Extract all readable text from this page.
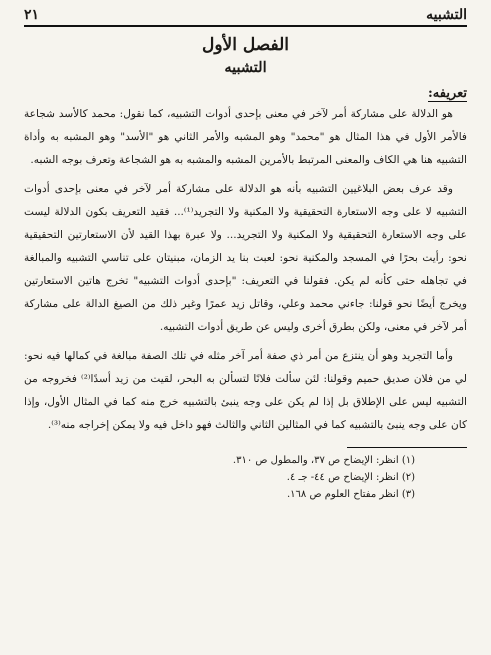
التشبيه
٢١
الفصل الأول
التشبيه
تعريفه:

هو الدلالة على مشاركة أمر لآخر في معنى بإحدى أدوات التشبيه، كما نقول: محمد كالأسد شجاعة فالأمر الأول في هذا المثال هو "محمد" وهو المشبه والأمر الثاني هو "الأسد" وهو المشبه به وأداة التشبيه هنا هي الكاف والمعنى المرتبط بالأمرين المشبه والمشبه به هو الشجاعة وتعرف بوجه الشبه.

وقد عرف بعض البلاغيين التشبيه بأنه هو الدلالة على مشاركة أمر لآخر في معنى بإحدى أدوات التشبيه لا على وجه الاستعارة التحقيقية ولا المكنية ولا التجريد⁽¹⁾... فقيد التعريف بكون الدلالة ليست على وجه الاستعارة التحقيقية ولا المكنية ولا التجريد... ولا عبرة بهذا القيد لأن الاستعارتين التحقيقية نحو: رأيت بحرًا في المسجد والمكنية نحو: لعبت بنا يد الزمان، مبنيتان على تناسي التشبيه والمبالغة في تجاهله حتى كأنه لم يكن. فقولنا في التعريف: "بإحدى أدوات التشبيه" تخرج هاتين الاستعارتين ويخرج أيضًا نحو قولنا: جاءني محمد وعلي، وقاتل زيد عمرًا وغير ذلك من الصيغ الدالة على مشاركة أمر لآخر في معنى، ولكن بطرق أخرى وليس عن طريق أدوات التشبيه.

وأما التجريد وهو أن ينتزع من أمر ذي صفة أمر آخر مثله في تلك الصفة مبالغة في كمالها فيه نحو: لي من فلان صديق حميم وقولنا: لئن سألت فلانًا لتسألن به البحر، لقيت من زيد أسدًا⁽²⁾ فخروجه من التشبيه ليس على الإطلاق بل إذا لم يكن على وجه ينبئ بالتشبيه خرج منه كما في المثال الأول، وإذا كان على وجه ينبئ بالتشبيه كما في المثالين الثاني والثالث فهو داخل فيه ولا يمكن إخراجه منه⁽³⁾.

(١) انظر: الإيضاح ص ٣٧، والمطول ص ٣١٠.
(٢) انظر: الإيضاح ص ٤٤- جـ ٤.
(٣) انظر مفتاح العلوم ص ١٦٨.
